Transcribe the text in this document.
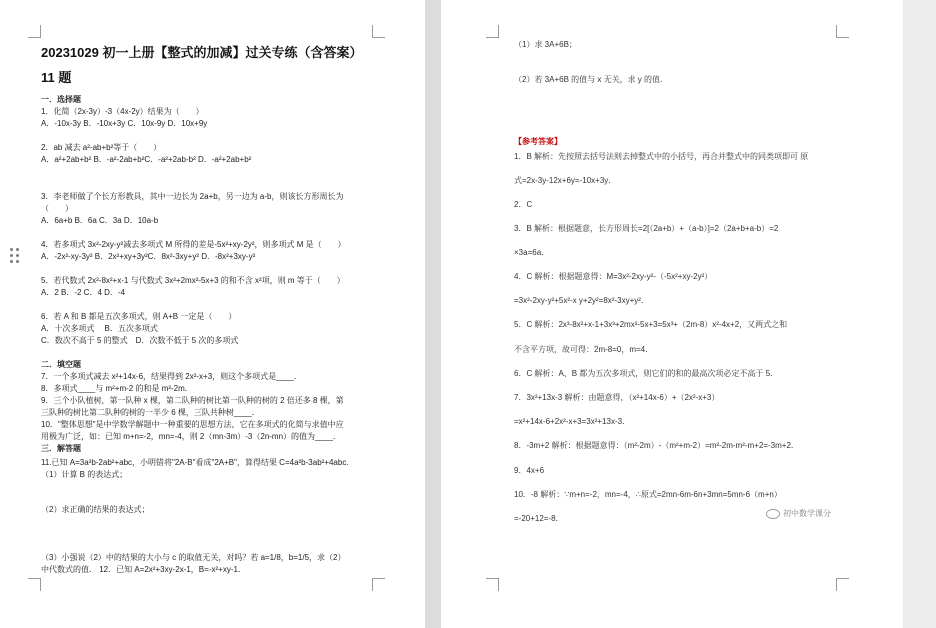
20231029 初一上册【整式的加减】过关专练（含答案）
11 题
一．选择题
1．化简（2x-3y）-3（4x-2y）结果为（　　）
A．-10x-3y B．-10x+3y C．10x-9y D．10x+9y
2．ab 减去 a²-ab+b²等于（　　）
A．a²+2ab+b² B．-a²-2ab+b²C．-a²+2ab-b² D．-a²+2ab+b²
3．李老师做了个长方形教具，其中一边长为 2a+b，另一边为 a-b，则该长方形周长为
（　　）
A．6a+b B．6a C．3a D．10a-b
4．若多项式 3x²-2xy-y²减去多项式 M 所得的差是-5x²+xy-2y²，则多项式 M 是（　　）
A．-2x²-xy-3y² B．2x²+xy+3y²C．8x²-3xy+y² D．-8x²+3xy-y²
5．若代数式 2x²-8x²+x-1 与代数式 3x²+2mx²-5x+3 的和不含 x²项，则 m 等于（　　）
A．2 B．-2 C．4 D．-4
6．若 A 和 B 都是五次多项式，则 A+B 一定是（　　）
A．十次多项式　 B．五次多项式
C．数次不高于 5 的整式　D．次数不低于 5 次的多项式
二．填空题
7．一个多项式减去 x²+14x-6，结果得到 2x²-x+3，则这个多项式是____．
8．多项式____与 m²+m-2 的和是 m²-2m．
9．三个小队植树，第一队种 x 棵，第二队种的树比第一队种的树的 2 倍还多 8 棵，第
三队种的树比第二队种的树的一半少 6 棵，三队共种树____．
10．"整体思想"是中学数学解题中一种重要的思想方法，它在多项式的化简与求值中应
用极为广泛，如：已知 m+n=-2，mn=-4，则 2（mn-3m）-3（2n-mn）的值为____．
三．解答题
11.已知 A=3a²b-2ab²+abc，小明错将"2A-B"看成"2A+B"，算得结果 C=4a²b-3ab²+4abc.
（1）计算 B 的表达式；
（2）求正确的结果的表达式；
（3）小强说（2）中的结果的大小与 c 的取值无关，对吗？若 a=1/8，b=1/5，求（2）
中代数式的值． 12．已知 A=2x²+3xy-2x-1，B=-x²+xy-1．
（1）求 3A+6B；
（2）若 3A+6B 的值与 x 无关，求 y 的值．
1．B 解析：先按照去括号法则去掉整式中的小括号，再合并整式中的同类项即可 原
式=2x-3y-12x+6y=-10x+3y．
2．C
3．B 解析：根据题意，长方形周长=2[（2a+b）+（a-b）]=2（2a+b+a-b）=2
×3a=6a．
4．C 解析：根据题意得：M=3x²-2xy-y²-（-5x²+xy-2y²）
=3x²-2xy-y²+5x²-x y+2y²=8x²-3xy+y²．
5．C 解析：2x³-8x²+x-1+3x³+2mx²-5x+3=5x³+（2m-8）x²-4x+2，又两式之和
不含平方项，故可得：2m-8=0，m=4．
6．C 解析：A、B 都为五次多项式，则它们的和的最高次项必定不高于 5．
7．3x²+13x-3 解析：由题意得，（x²+14x-6）+（2x²-x+3）
=x²+14x-6+2x²-x+3=3x²+13x-3．
8．-3m+2 解析：根据题意得：（m²-2m）-（m²+m-2）=m²-2m-m²-m+2=-3m+2．
9．4x+6
10．-8 解析：∵m+n=-2，mn=-4，∴原式=2mn-6m-6n+3mn=5mn-6（m+n）
=-20+12=-8．
【参考答案】
初中数学课分
